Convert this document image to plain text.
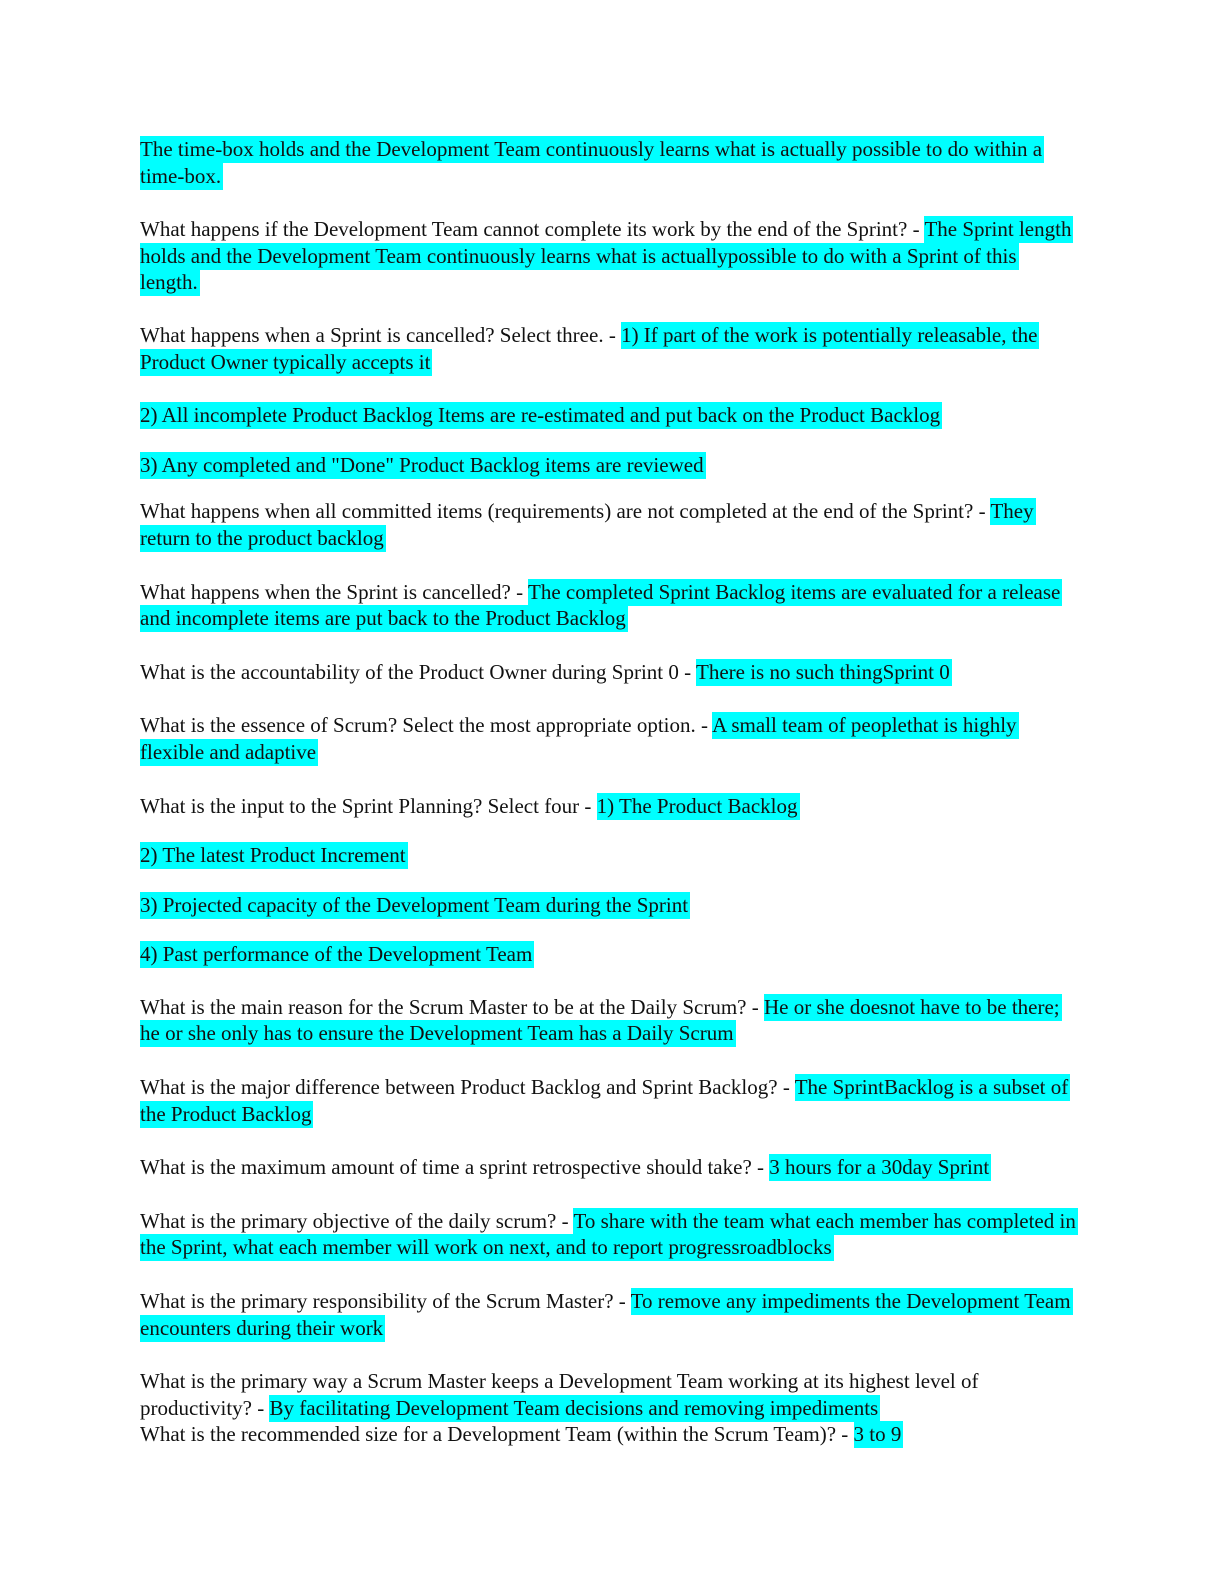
The time-box holds and the Development Team continuously learns what is actually possible to do within a time-box.

What happens if the Development Team cannot complete its work by the end of the Sprint? - The Sprint length holds and the Development Team continuously learns what is actuallypossible to do with a Sprint of this length.

What happens when a Sprint is cancelled? Select three. - 1) If part of the work is potentially releasable, the Product Owner typically accepts it

2) All incomplete Product Backlog Items are re-estimated and put back on the Product Backlog

3) Any completed and "Done" Product Backlog items are reviewed

What happens when all committed items (requirements) are not completed at the end of the Sprint? - They return to the product backlog

What happens when the Sprint is cancelled? - The completed Sprint Backlog items are evaluated for a release and incomplete items are put back to the Product Backlog

What is the accountability of the Product Owner during Sprint 0 - There is no such thingSprint 0

What is the essence of Scrum? Select the most appropriate option. - A small team of peoplethat is highly flexible and adaptive

What is the input to the Sprint Planning? Select four - 1) The Product Backlog

2) The latest Product Increment

3) Projected capacity of the Development Team during the Sprint

4) Past performance of the Development Team

What is the main reason for the Scrum Master to be at the Daily Scrum? - He or she doesnot have to be there; he or she only has to ensure the Development Team has a Daily Scrum

What is the major difference between Product Backlog and Sprint Backlog? - The SprintBacklog is a subset of the Product Backlog

What is the maximum amount of time a sprint retrospective should take? - 3 hours for a 30day Sprint

What is the primary objective of the daily scrum? - To share with the team what each member has completed in the Sprint, what each member will work on next, and to report progressroadblocks

What is the primary responsibility of the Scrum Master? - To remove any impediments the Development Team encounters during their work

What is the primary way a Scrum Master keeps a Development Team working at its highest level of productivity? - By facilitating Development Team decisions and removing impediments

What is the recommended size for a Development Team (within the Scrum Team)? - 3 to 9
